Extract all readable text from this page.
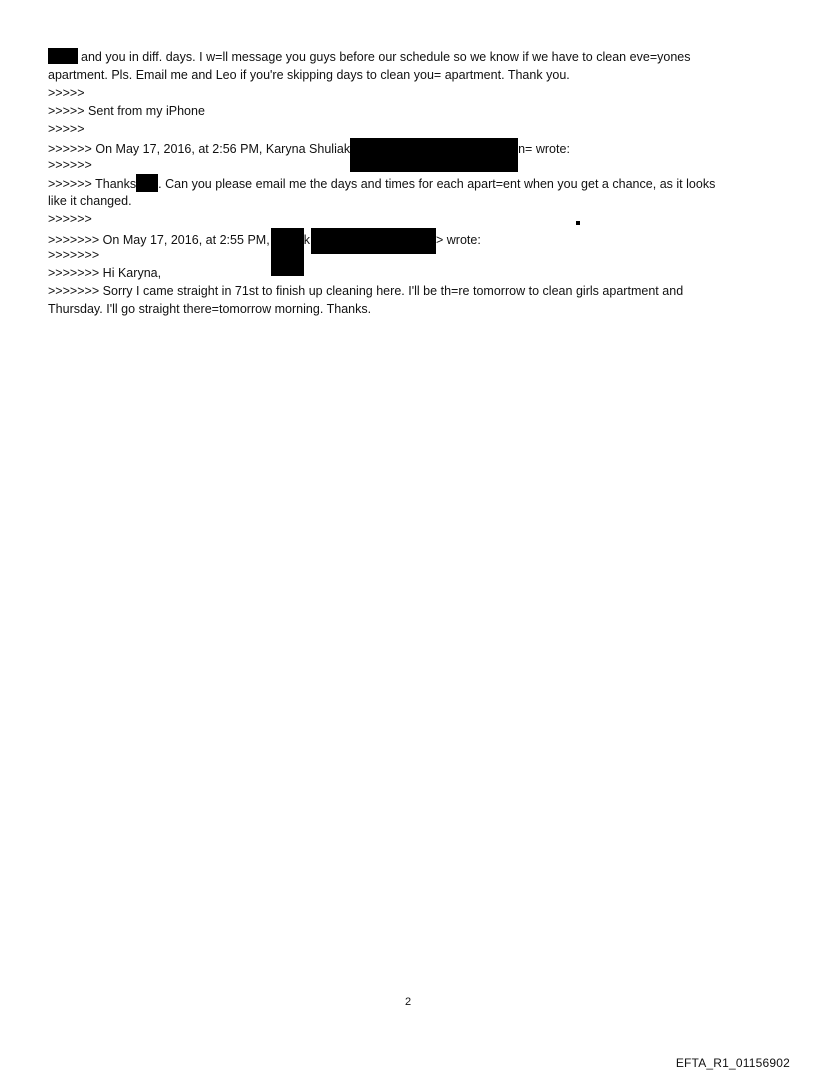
and you in diff. days. I w=ll message you guys before our schedule so we know if we have to clean eve=yones
apartment. Pls. Email me and Leo if you're skipping days to clean you= apartment. Thank you.
>>>>>
>>>>> Sent from my iPhone
>>>>>
>>>>>> On May 17, 2016, at 2:56 PM, Karyna Shuliak	n= wrote:
>>>>>>
>>>>>> Thanks . Can you please email me the days and times for each apart=ent when you get a chance, as it looks
like it changed.
>>>>>>
>>>>>>> On May 17, 2016, at 2:55 PM,	k	> wrote:
>>>>>>>
>>>>>>> Hi Karyna,
>>>>>>> Sorry I came straight in 71st to finish up cleaning here. I'll be th=re tomorrow to clean girls apartment and
Thursday. I'll go straight there=tomorrow morning. Thanks.
2
EFTA_R1_01156902
